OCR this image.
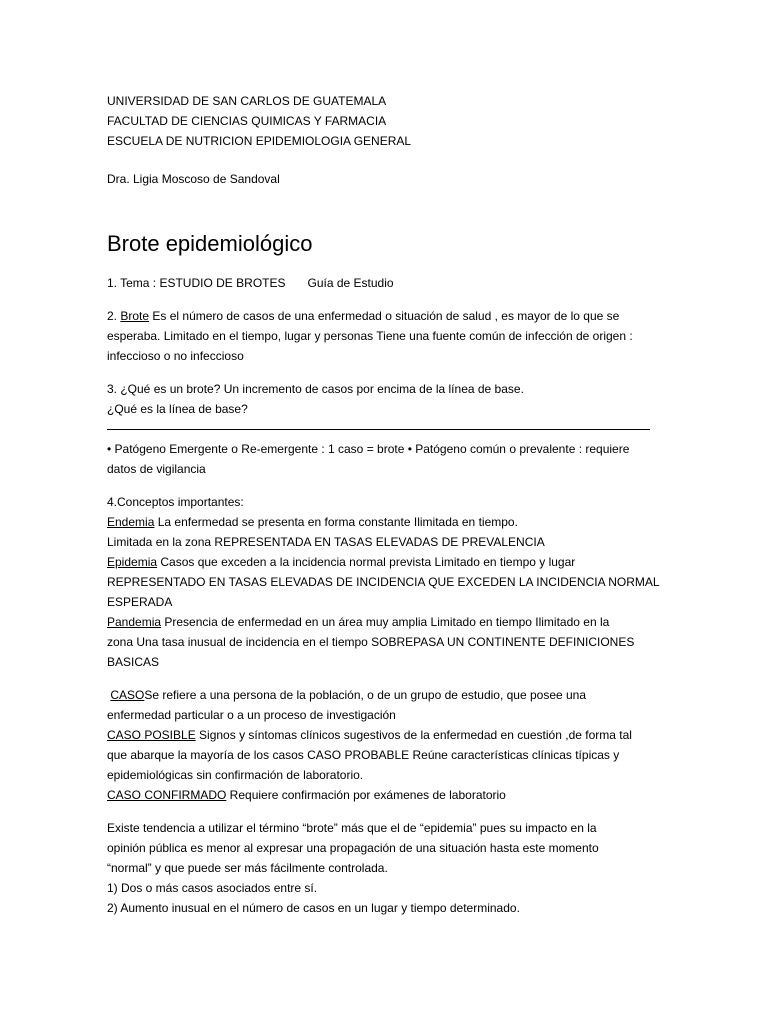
UNIVERSIDAD DE SAN CARLOS DE GUATEMALA
FACULTAD DE CIENCIAS QUIMICAS Y FARMACIA
ESCUELA DE NUTRICION EPIDEMIOLOGIA GENERAL
Dra. Ligia Moscoso de Sandoval
Brote epidemiológico
1. Tema : ESTUDIO DE BROTES Guía de Estudio
2. Brote Es el número de casos de una enfermedad o situación de salud , es mayor de lo que se
esperaba. Limitado en el tiempo, lugar y personas Tiene una fuente común de infección de origen :
infeccioso o no infeccioso
3. ¿Qué es un brote? Un incremento de casos por encima de la línea de base.
¿Qué es la línea de base?
• Patógeno Emergente o Re-emergente : 1 caso = brote • Patógeno común o prevalente : requiere
datos de vigilancia
4.Conceptos importantes:
Endemia La enfermedad se presenta en forma constante Ilimitada en tiempo.
Limitada en la zona REPRESENTADA EN TASAS ELEVADAS DE PREVALENCIA
Epidemia Casos que exceden a la incidencia normal prevista Limitado en tiempo y lugar
REPRESENTADO EN TASAS ELEVADAS DE INCIDENCIA QUE EXCEDEN LA INCIDENCIA NORMAL
ESPERADA
Pandemia Presencia de enfermedad en un área muy amplia Limitado en tiempo Ilimitado en la
zona Una tasa inusual de incidencia en el tiempo SOBREPASA UN CONTINENTE DEFINICIONES
BASICAS
CASOSe refiere a una persona de la población, o de un grupo de estudio, que posee una
enfermedad particular o a un proceso de investigación
CASO POSIBLE Signos y síntomas clínicos sugestivos de la enfermedad en cuestión ,de forma tal
que abarque la mayoría de los casos CASO PROBABLE Reúne características clínicas típicas y
epidemiológicas sin confirmación de laboratorio.
CASO CONFIRMADO Requiere confirmación por exámenes de laboratorio
Existe tendencia a utilizar el término “brote” más que el de “epidemia” pues su impacto en la
opinión pública es menor al expresar una propagación de una situación hasta este momento
“normal” y que puede ser más fácilmente controlada.
1) Dos o más casos asociados entre sí.
2) Aumento inusual en el número de casos en un lugar y tiempo determinado.
